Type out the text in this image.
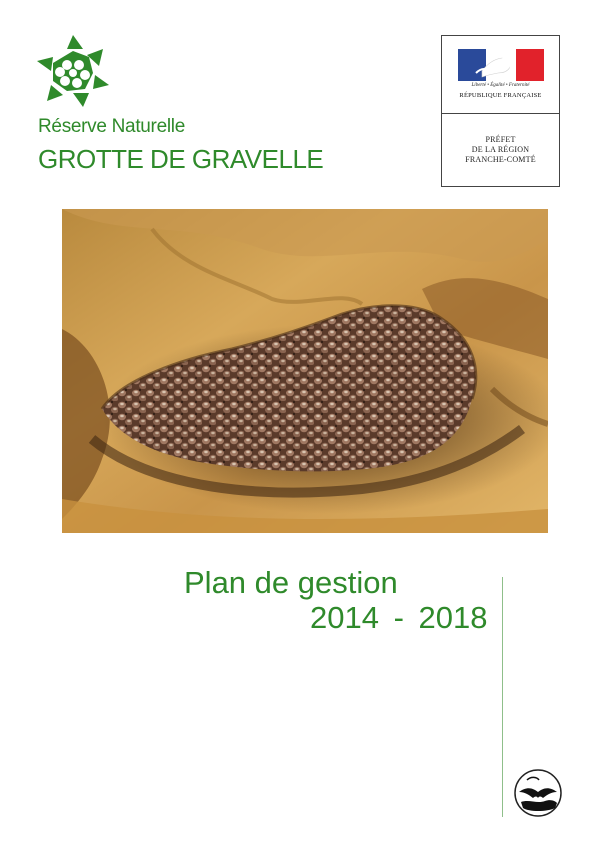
Réserve Naturelle
GROTTE DE GRAVELLE
Liberté • Égalité • Fraternité
RÉPUBLIQUE FRANÇAISE
PRÉFET
DE LA RÉGION
FRANCHE-COMTÉ
Plan de gestion
2014 - 2018
